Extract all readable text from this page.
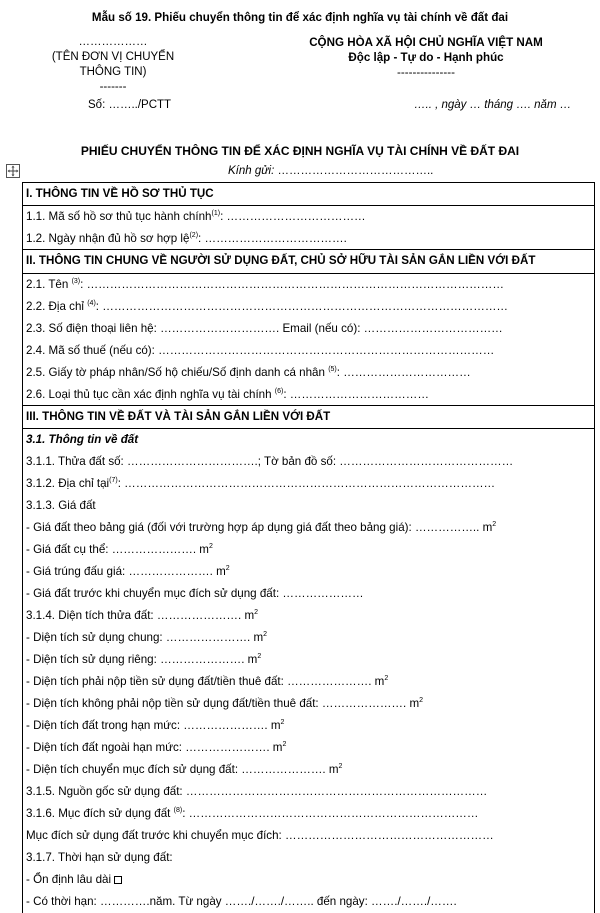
Mẫu số 19. Phiếu chuyển thông tin để xác định nghĩa vụ tài chính về đất đai
………………
(TÊN ĐƠN VỊ CHUYỂN
THÔNG TIN)
-------
CỘNG HÒA XÃ HỘI CHỦ NGHĨA VIỆT NAM
Độc lập - Tự do - Hạnh phúc
---------------
Số: ……../PCTT	….. , ngày … tháng …. năm …
PHIẾU CHUYỂN THÔNG TIN ĐỂ XÁC ĐỊNH NGHĨA VỤ TÀI CHÍNH VỀ ĐẤT ĐAI
Kính gửi: …………………………………..
I. THÔNG TIN VỀ HỒ SƠ THỦ TỤC
1.1. Mã số hồ sơ thủ tục hành chính$^{(1)}$: ………………………………
1.2. Ngày nhận đủ hồ sơ hợp lệ$^{(2)}$: ……………………………….
II. THÔNG TIN CHUNG VỀ NGƯỜI SỬ DỤNG ĐẤT, CHỦ SỞ HỮU TÀI SẢN GẮN LIỀN VỚI ĐẤT
2.1. Tên $^{(3)}$: ………………………………………………………………………………………………
2.2. Địa chỉ $^{(4)}$: ……………………………………………………………………………………………
2.3. Số điện thoại liên hệ: …………………………. Email (nếu có): ………………………………
2.4. Mã số thuế (nếu có): ……………………………………………………………………………
2.5. Giấy tờ pháp nhân/Số hộ chiếu/Số định danh cá nhân $^{(5)}$: ……………………………
2.6. Loại thủ tục cần xác định nghĩa vụ tài chính $^{(6)}$: ………………………………
III. THÔNG TIN VỀ ĐẤT VÀ TÀI SẢN GẮN LIỀN VỚI ĐẤT
3.1. Thông tin về đất
3.1.1. Thửa đất số: …………………………….; Tờ bản đồ số: ………………………………………
3.1.2. Địa chỉ tại$^{(7)}$: ……………………………………………………………………………………
3.1.3. Giá đất
- Giá đất theo bảng giá (đối với trường hợp áp dụng giá đất theo bảng giá): …………….. $m^2$
- Giá đất cụ thể: …………………. $m^2$
- Giá trúng đấu giá: …………………. $m^2$
- Giá đất trước khi chuyển mục đích sử dụng đất: …………………
3.1.4. Diện tích thửa đất: …………………. $m^2$
- Diện tích sử dụng chung: …………………. $m^2$
- Diện tích sử dụng riêng: …………………. $m^2$
- Diện tích phải nộp tiền sử dụng đất/tiền thuê đất: …………………. $m^2$
- Diện tích không phải nộp tiền sử dụng đất/tiền thuê đất: …………………. $m^2$
- Diện tích đất trong hạn mức: …………………. $m^2$
- Diện tích đất ngoài hạn mức: …………………. $m^2$
- Diện tích chuyển mục đích sử dụng đất: …………………. $m^2$
3.1.5. Nguồn gốc sử dụng đất: ……………………………………………………………………
3.1.6. Mục đích sử dụng đất $^{(8)}$: …………………………………………………………………
Mục đích sử dụng đất trước khi chuyển mục đích: ………………………………………………
3.1.7. Thời hạn sử dụng đất:
- Ổn định lâu dài
- Có thời hạn: ………….năm. Từ ngày ……./……./…….. đến ngày: ……./……./…….
